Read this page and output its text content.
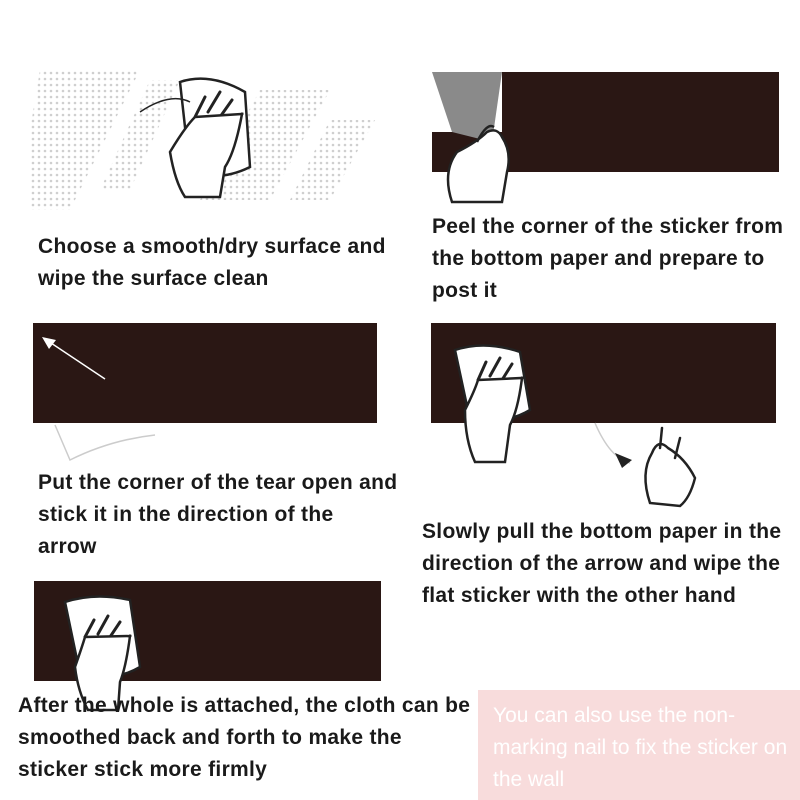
Choose a smooth/dry surface and wipe the surface clean
Peel the corner of the sticker from the bottom paper and prepare to post it
Put the corner of the tear open and stick it in the direction of the arrow
Slowly pull the bottom paper in the direction of the arrow and wipe the flat sticker with the other hand
After the whole is attached, the cloth can be smoothed back and forth to make the sticker stick more firmly
You can also use the non-marking nail to fix the sticker on the wall
